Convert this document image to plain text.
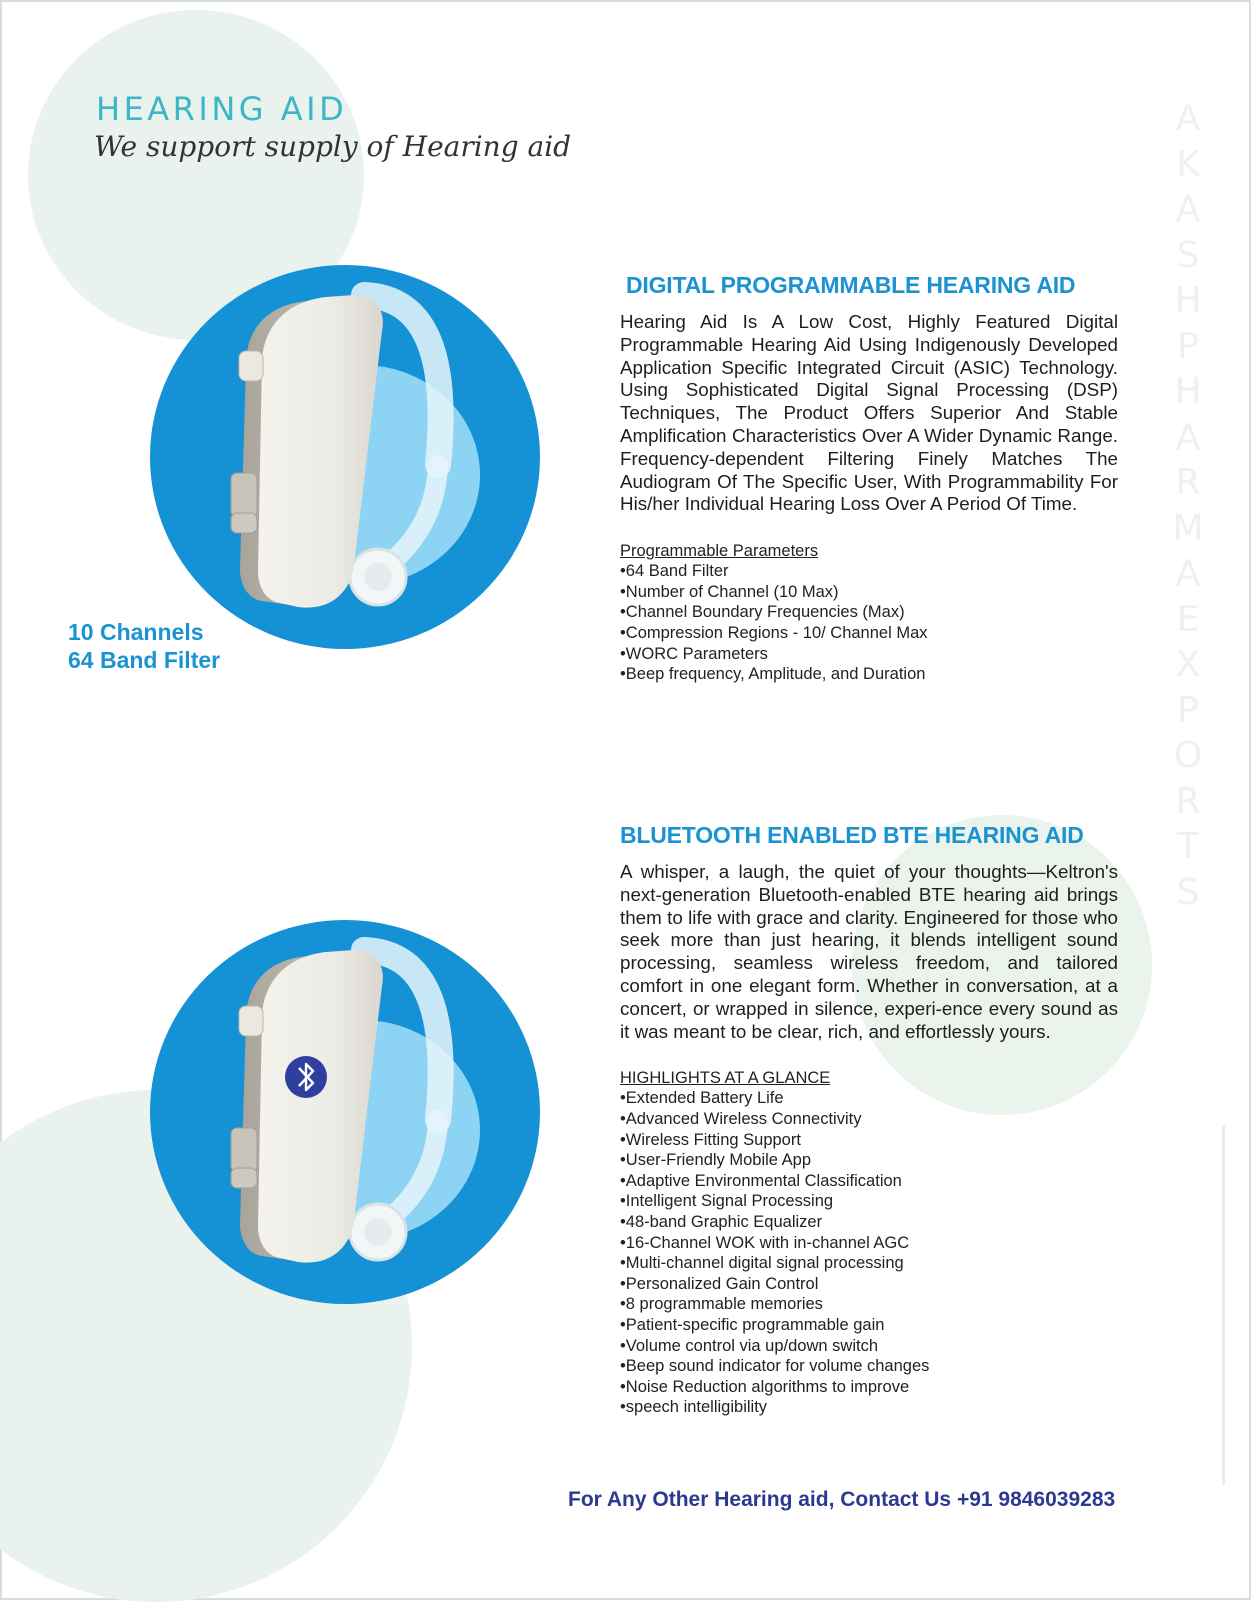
HEARING AID
We support supply of Hearing aid
A
K
A
S
H
P
H
A
R
M
A
E
X
P
O
R
T
S
10 Channels
64 Band Filter
DIGITAL PROGRAMMABLE HEARING AID

Hearing Aid Is A Low Cost, Highly Featured Digital Programmable Hearing Aid Using Indigenously Developed Application Specific Integrated Circuit (ASIC) Technology. Using Sophisticated Digital Signal Processing (DSP) Techniques, The Product Offers Superior And Stable Amplification Characteristics Over A Wider Dynamic Range. Frequency-dependent Filtering Finely Matches The Audiogram Of The Specific User, With Programmability For His/her Individual Hearing Loss Over A Period Of Time.

Programmable Parameters
• 64 Band Filter
• Number of Channel (10 Max)
• Channel Boundary Frequencies (Max)
• Compression Regions - 10/ Channel Max
• WORC Parameters
• Beep frequency, Amplitude, and Duration
BLUETOOTH ENABLED BTE HEARING AID

A whisper, a laugh, the quiet of your thoughts—Keltron's next-generation Bluetooth-enabled BTE hearing aid brings them to life with grace and clarity. Engineered for those who seek more than just hearing, it blends intelligent sound processing, seamless wireless freedom, and tailored comfort in one elegant form. Whether in conversation, at a concert, or wrapped in silence, experi-ence every sound as it was meant to be clear, rich, and effortlessly yours.

HIGHLIGHTS AT A GLANCE
• Extended Battery Life
• Advanced Wireless Connectivity
• Wireless Fitting Support
• User-Friendly Mobile App
• Adaptive Environmental Classification
• Intelligent Signal Processing
• 48-band Graphic Equalizer
• 16-Channel WOK with in-channel AGC
• Multi-channel digital signal processing
• Personalized Gain Control
• 8 programmable memories
• Patient-specific programmable gain
• Volume control via up/down switch
• Beep sound indicator for volume changes
• Noise Reduction algorithms to improve
• speech intelligibility
For Any Other Hearing aid, Contact Us +91 9846039283
